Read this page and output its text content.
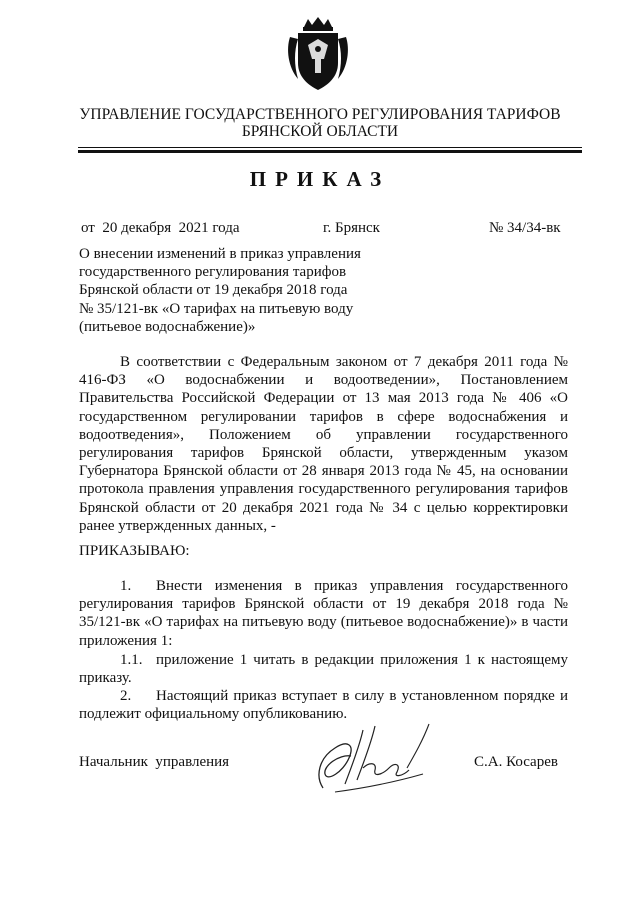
УПРАВЛЕНИЕ ГОСУДАРСТВЕННОГО РЕГУЛИРОВАНИЯ ТАРИФОВ
БРЯНСКОЙ ОБЛАСТИ
ПРИКАЗ
от  20 декабря  2021 года	г. Брянск	№ 34/34-вк
О внесении изменений в приказ управления
государственного регулирования тарифов
Брянской области от 19 декабря 2018 года
№ 35/121-вк «О тарифах на питьевую воду
(питьевое водоснабжение)»
В соответствии с Федеральным законом от 7 декабря 2011 года № 416-ФЗ «О водоснабжении и водоотведении», Постановлением Правительства Российской Федерации от 13 мая 2013 года № 406 «О государственном регулировании тарифов в сфере водоснабжения и водоотведения», Положением об управлении государственного регулирования тарифов Брянской области, утвержденным указом Губернатора Брянской области от 28 января 2013 года № 45, на основании протокола правления управления государственного регулирования тарифов Брянской области от 20 декабря 2021 года № 34 с целью корректировки ранее утвержденных данных, -
ПРИКАЗЫВАЮ:
1. Внести изменения в приказ управления государственного регулирования тарифов Брянской области от 19 декабря 2018 года № 35/121-вк «О тарифах на питьевую воду (питьевое водоснабжение)» в части приложения 1:
1.1. приложение 1 читать в редакции приложения 1 к настоящему приказу.
2. Настоящий приказ вступает в силу в установленном порядке и подлежит официальному опубликованию.
Начальник  управления	С.А. Косарев
